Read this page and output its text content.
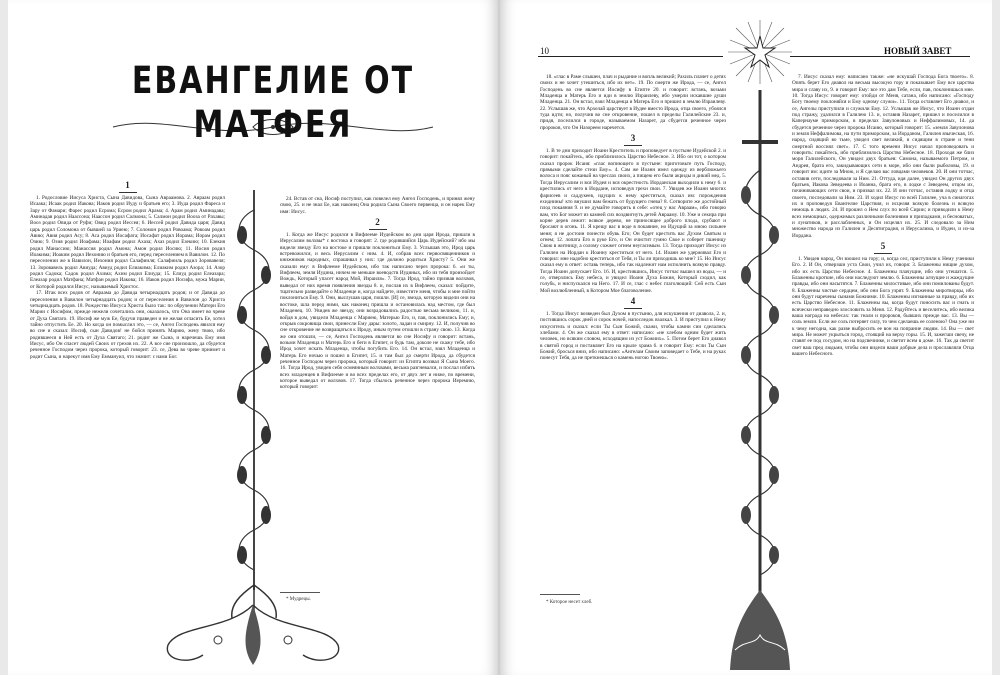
ЕВАНГЕЛИЕ ОТ МАТФЕЯ
1

1. Родословие Иисуса Христа, Сына Давидова, Сына Авраамова. 2. Авраам родил Исаака; Исаак родил Иакова; Иаков родил Иуду и братьев его; 3. Иуда родил Фареса и Зару от Фамари; Фарес родил Есрома; Есром родил Арама; 4. Арам родил Аминадава; Аминадав родил Наассона; Наассон родил Салмона; 5. Салмон родил Вооза от Рахавы; Вооз родил Овида от Руфи; Овид родил Иессея; 6. Иессей родил Давида царя; Давид царь родил Соломона от бывшей за Уриею; 7. Соломон родил Ровоама; Ровоам родил Авию; Авия родил Асу; 8. Аса родил Иосафата; Иосафат родил Иорама; Иорам родил Озию; 9. Озия родил Иоафама; Иоафам родил Ахаза; Ахаз родил Езекию; 10. Езекия родил Манассию; Манассия родил Амона; Амон родил Иосию; 11. Иосия родил Иоакима; Иоаким родил Иехонию и братьев его, перед переселением в Вавилон. 12. По переселении же в Вавилон, Иехония родил Салафииля; Салафииль родил Зоровавеля; 13. Зоровавель родил Авиуда; Авиуд родил Елиакима; Елиаким родил Азора; 14. Азор родил Садока; Садок родил Ахима; Ахим родил Елиуда; 15. Елиуд родил Елеазара; Елеазар родил Матфана; Матфан родил Иакова; 16. Иаков родил Иосифа, мужа Марии, от Которой родился Иисус, называемый Христос.

17. Итак всех родов от Авраама до Давида четырнадцать родов; и от Давида до переселения в Вавилон четырнадцать родов; и от переселения в Вавилон до Христа четырнадцать родов. 18. Рождество Иисуса Христа было так: по обручении Матери Его Марии с Иосифом, прежде нежели сочетались они, оказалось, что Она имеет во чреве от Духа Святаго. 19. Иосиф же муж Ее, будучи праведен и не желая огласить Ее, хотел тайно отпустить Ее. 20. Но когда он помыслил это, — се, Ангел Господень явился ему во сне и сказал: Иосиф, сын Давидов! не бойся принять Марию, жену твою, ибо родившееся в Ней есть от Духа Святаго; 21. родит же Сына, и наречешь Ему имя Иисус, ибо Он спасет людей Своих от грехов их. 22. А все сие произошло, да сбудется реченное Господом через пророка, который говорит: 23. се, Дева во чреве приимет и родит Сына, и нарекут имя Ему Еммануил, что значит: с нами Бог.

24. Встав от сна, Иосиф поступил, как повелел ему Ангел Господень, и принял жену свою, 25. и не знал Ее, как наконец Она родила Сына Своего первенца, и он нарек Ему имя: Иисус.

2

1. Когда же Иисус родился в Вифлееме Иудейском во дни царя Ирода, пришли в Иерусалим волхвы* с востока и говорят: 2. где родившийся Царь Иудейский? ибо мы видели звезду Его на востоке и пришли поклониться Ему. 3. Услышав это, Ирод царь встревожился, и весь Иерусалим с ним. 4. И, собрав всех первосвященников и книжников народных, спрашивал у них: где должно родиться Христу? 5. Они же сказали ему: в Вифлееме Иудейском, ибо так написано через пророка: 6. «и ты, Вифлеем, земля Иудина, ничем не меньше воеводств Иудиных, ибо из тебя произойдет Вождь, Который упасет народ Мой, Израиля». 7. Тогда Ирод, тайно призвав волхвов, выведал от них время появления звезды 8. и, послав их в Вифлеем, сказал: пойдите, тщательно разведайте о Младенце и, когда найдете, известите меня, чтобы и мне пойти поклониться Ему. 9. Они, выслушав царя, пошли. [И] се, звезда, которую видели они на востоке, шла перед ними, как наконец пришла и остановилась над местом, где был Младенец. 10. Увидев же звезду, они возрадовались радостью весьма великою, 11. и, войдя в дом, увидели Младенца с Мариею, Матерью Его, и, пав, поклонились Ему; и, открыв сокровища свои, принесли Ему дары: золото, ладан и смирну. 12. И, получив во сне откровение не возвращаться к Ироду, иным путем отошли в страну свою. 13. Когда же они отошли, — се, Ангел Господень является во сне Иосифу и говорит: встань, возьми Младенца и Матерь Его и беги в Египет, и будь там, доколе не скажу тебе, ибо Ирод хочет искать Младенца, чтобы погубить Его. 14. Он встал, взял Младенца и Матерь Его ночью и пошел в Египет, 15. и там был до смерти Ирода, да сбудется реченное Господом через пророка, который говорит: из Египта воззвал Я Сына Моего. 16. Тогда Ирод, увидев себя осмеянным волхвами, весьма разгневался, и послал избить всех младенцев в Вифлееме и во всех пределах его, от двух лет и ниже, по времени, которое выведал от волхвов. 17. Тогда сбылось реченное через пророка Иеремию, который говорит:

* Мудрецы.
10	НОВЫЙ ЗАВЕТ

18. «глас в Раме слышен, плач и рыдание и вопль великий; Рахиль плачет о детях своих и не хочет утешиться, ибо их нет». 19. По смерти же Ирода, — се, Ангел Господень во сне является Иосифу в Египте 20. и говорит: встань, возьми Младенца и Матерь Его и иди в землю Израилеву, ибо умерли искавшие души Младенца. 21. Он встал, взял Младенца и Матерь Его и пришел в землю Израилеву. 22. Услышав же, что Архелай царствует в Иудее вместо Ирода, отца своего, убоялся туда идти; но, получив во сне откровение, пошел в пределы Галилейские 23. и, придя, поселился в городе, называемом Назарет, да сбудется реченное через пророков, что Он Назореем наречется.

3

1. В те дни приходит Иоанн Креститель и проповедует в пустыне Иудейской 2. и говорит: покайтесь, ибо приблизилось Царство Небесное. 3. Ибо он тот, о котором сказал пророк Исаия: «глас вопиющего в пустыне: приготовьте путь Господу, прямыми сделайте стези Ему». 4. Сам же Иоанн имел одежду из верблюжьего волоса и пояс кожаный на чреслах своих, а пищею его были акриды и дикий мед. 5. Тогда Иерусалим и вся Иудея и вся окрестность Иорданская выходили к нему 6. и крестились от него в Иордане, исповедуя грехи свои. 7. Увидев же Иоанн многих фарисеев и саддукеев, идущих к нему креститься, сказал им: порождения ехиднины! кто внушил вам бежать от будущего гнева? 8. Сотворите же достойный плод покаяния 9. и не думайте говорить в себе: «отец у нас Авраам», ибо говорю вам, что Бог может из камней сих воздвигнуть детей Аврааму. 10. Уже и секира при корне дерев лежит: всякое дерево, не приносящее доброго плода, срубают и бросают в огонь. 11. Я крещу вас в воде в покаяние, но Идущий за мною сильнее меня; я не достоин понести обувь Его; Он будет крестить вас Духом Святым и огнем; 12. лопата Его в руке Его, и Он очистит гумно Свое и соберет пшеницу Свою в житницу, а солому сожжет огнем неугасимым. 13. Тогда приходит Иисус из Галилеи на Иордан к Иоанну креститься от него. 14. Иоанн же удерживал Его и говорил: мне надобно креститься от Тебя, и Ты ли приходишь ко мне? 15. Но Иисус сказал ему в ответ: оставь теперь, ибо так надлежит нам исполнить всякую правду. Тогда Иоанн допускает Его. 16. И, крестившись, Иисус тотчас вышел из воды, — и се, отверзлись Ему небеса, и увидел Иоанн Духа Божия, Который сходил, как голубь, и ниспускался на Него. 17. И се, глас с небес глаголющий: Сей есть Сын Мой возлюбленный, в Котором Мое благоволение.

4

1. Тогда Иисус возведен был Духом в пустыню, для искушения от диавола, 2. и, постившись сорок дней и сорок ночей, напоследок взалкал. 3. И приступил к Нему искуситель и сказал: если Ты Сын Божий, скажи, чтобы камни сии сделались хлебами. 4. Он же сказал ему в ответ: написано: «не хлебом одним будет жить человек, но всяким словом, исходящим из уст Божиих». 5. Потом берет Его диавол в святой город и поставляет Его на крыле храма 6. и говорит Ему: если Ты Сын Божий, бросься вниз, ибо написано: «Ангелам Своим заповедает о Тебе, и на руках понесут Тебя, да не преткнешься о камень ногою Твоею».

* Которое несет хлеб.

7. Иисус сказал ему: написано также: «не искушай Господа Бога твоего». 8. Опять берет Его диавол на весьма высокую гору и показывает Ему все царства мира и славу их, 9. и говорит Ему: все это дам Тебе, если, пав, поклонишься мне. 10. Тогда Иисус говорит ему: отойди от Меня, сатана, ибо написано: «Господу Богу твоему поклоняйся и Ему одному служи». 11. Тогда оставляет Его диавол, и се, Ангелы приступили и служили Ему. 12. Услышав же Иисус, что Иоанн отдан под стражу, удалился в Галилею 13. и, оставив Назарет, пришел и поселился в Капернауме приморском, в пределах Завулоновых и Неффалимовых, 14. да сбудется реченное через пророка Исаию, который говорит: 15. «земля Завулонова и земля Неффалимова, на пути приморском, за Иорданом, Галилея языческая, 16. народ, сидящий во тьме, увидел свет великий, и сидящим в стране и тени смертной воссиял свет». 17. С того времени Иисус начал проповедовать и говорить: покайтесь, ибо приблизилось Царство Небесное. 18. Проходя же близ моря Галилейского, Он увидел двух братьев: Симона, называемого Петром, и Андрея, брата его, закидывающих сети в море, ибо они были рыболовы, 19. и говорит им: идите за Мною, и Я сделаю вас ловцами человеков. 20. И они тотчас, оставив сети, последовали за Ним. 21. Оттуда, идя далее, увидел Он других двух братьев, Иакова Зеведеева и Иоанна, брата его, в лодке с Зеведеем, отцом их, починивающих сети свои, и призвал их. 22. И они тотчас, оставив лодку и отца своего, последовали за Ним. 23. И ходил Иисус по всей Галилее, уча в синагогах их и проповедуя Евангелие Царствия, и исцеляя всякую болезнь и всякую немощь в людях. 24. И прошел о Нем слух по всей Сирии; и приводили к Нему всех немощных, одержимых различными болезнями и припадками, и бесноватых, и лунатиков, и расслабленных, и Он исцелял их. 25. И следовало за Ним множество народа из Галилеи и Десятиградия, и Иерусалима, и Иудеи, и из-за Иордана.

5

1. Увидев народ, Он взошел на гору; и, когда сел, приступили к Нему ученики Его. 2. И Он, отверзши уста Свои, учил их, говоря: 3. Блаженны нищие духом, ибо их есть Царство Небесное. 4. Блаженны плачущие, ибо они утешатся. 5. Блаженны кроткие, ибо они наследуют землю. 6. Блаженны алчущие и жаждущие правды, ибо они насытятся. 7. Блаженны милостивые, ибо они помилованы будут. 8. Блаженны чистые сердцем, ибо они Бога узрят. 9. Блаженны миротворцы, ибо они будут наречены сынами Божиими. 10. Блаженны изгнанные за правду, ибо их есть Царство Небесное. 11. Блаженны вы, когда будут поносить вас и гнать и всячески неправедно злословить за Меня. 12. Радуйтесь и веселитесь, ибо велика ваша награда на небесах: так гнали и пророков, бывших прежде вас. 13. Вы — соль земли. Если же соль потеряет силу, то чем сделаешь ее соленою? Она уже ни к чему негодна, как разве выбросить ее вон на попрание людям. 14. Вы — свет мира. Не может укрыться город, стоящий на верху горы. 15. И, зажегши свечу, не ставят ее под сосудом, но на подсвечнике, и светит всем в доме. 16. Так да светит свет ваш пред людьми, чтобы они видели ваши добрые дела и прославляли Отца вашего Небесного.
